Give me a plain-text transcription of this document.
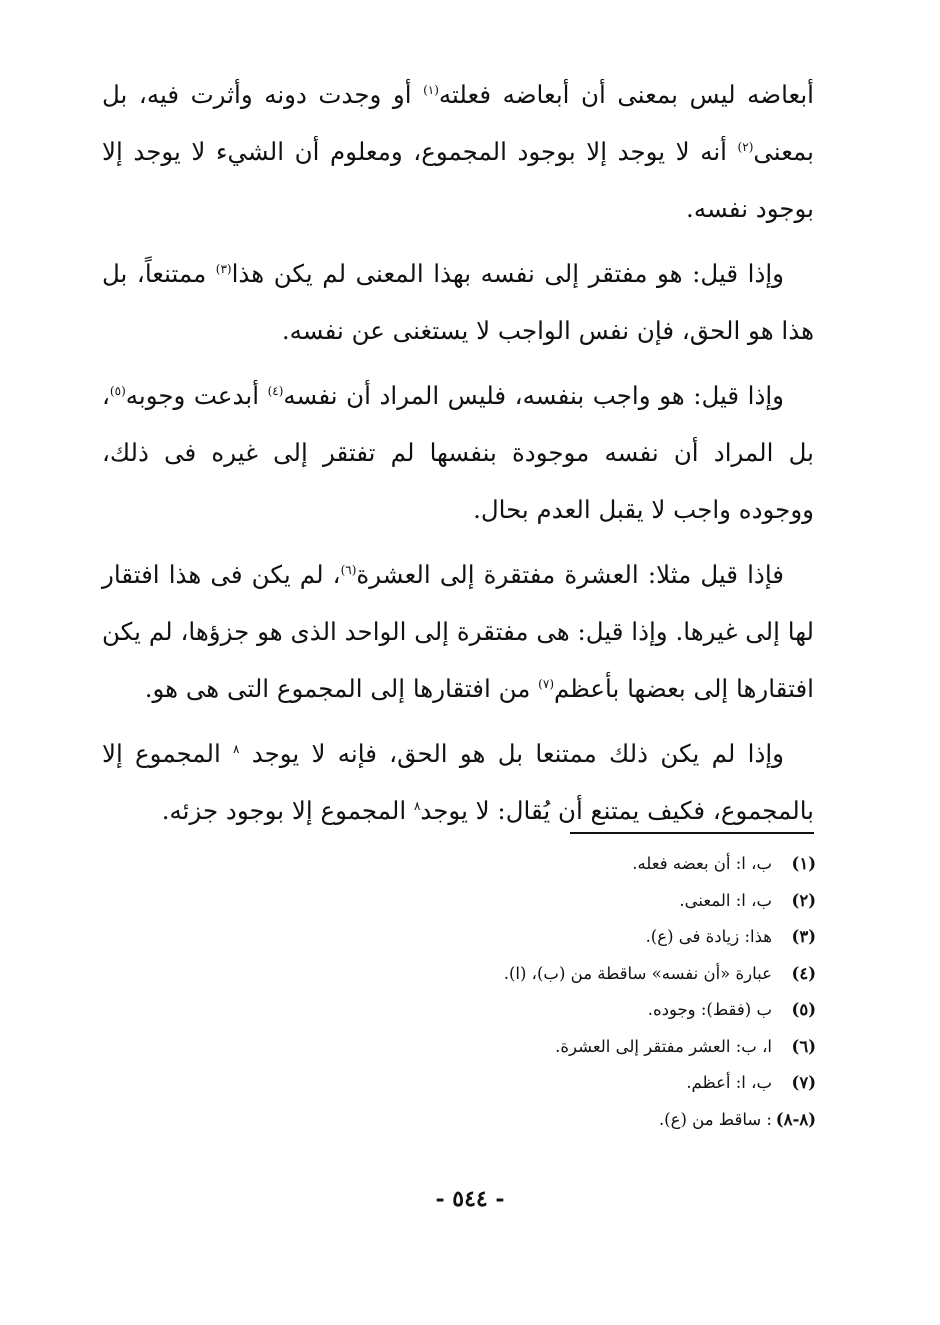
أبعاضه ليس بمعنى أن أبعاضه فعلته$^{(١)}$ أو وجدت دونه وأثرت فيه، بل بمعنى$^{(٢)}$ أنه لا يوجد إلا بوجود المجموع، ومعلوم أن الشيء لا يوجد إلا بوجود نفسه.

وإذا قيل: هو مفتقر إلى نفسه بهذا المعنى لم يكن هذا$^{(٣)}$ ممتنعاً، بل هذا هو الحق، فإن نفس الواجب لا يستغنى عن نفسه.

وإذا قيل: هو واجب بنفسه، فليس المراد أن نفسه$^{(٤)}$ أبدعت وجوبه$^{(٥)}$، بل المراد أن نفسه موجودة بنفسها لم تفتقر إلى غيره فى ذلك، ووجوده واجب لا يقبل العدم بحال.

فإذا قيل مثلا: العشرة مفتقرة إلى العشرة$^{(٦)}$، لم يكن فى هذا افتقار لها إلى غيرها. وإذا قيل: هى مفتقرة إلى الواحد الذى هو جزؤها، لم يكن افتقارها إلى بعضها بأعظم$^{(٧)}$ من افتقارها إلى المجموع التى هى هو.

وإذا لم يكن ذلك ممتنعا بل هو الحق، فإنه لا يوجد $^٨$ المجموع إلا بالمجموع، فكيف يمتنع أن يُقال: لا يوجد$^٨$ المجموع إلا بوجود جزئه.

(١)ب، ا: أن بعضه فعله.
(٢)ب، ا: المعنى.
(٣)هذا: زيادة فى (ع).
(٤)عبارة «أن نفسه» ساقطة من (ب)، (ا).
(٥)ب (فقط): وجوده.
(٦)ا، ب: العشر مفتقر إلى العشرة.
(٧)ب، ا: أعظم.
(٨-٨): ساقط من (ع).
- ٥٤٤ -
